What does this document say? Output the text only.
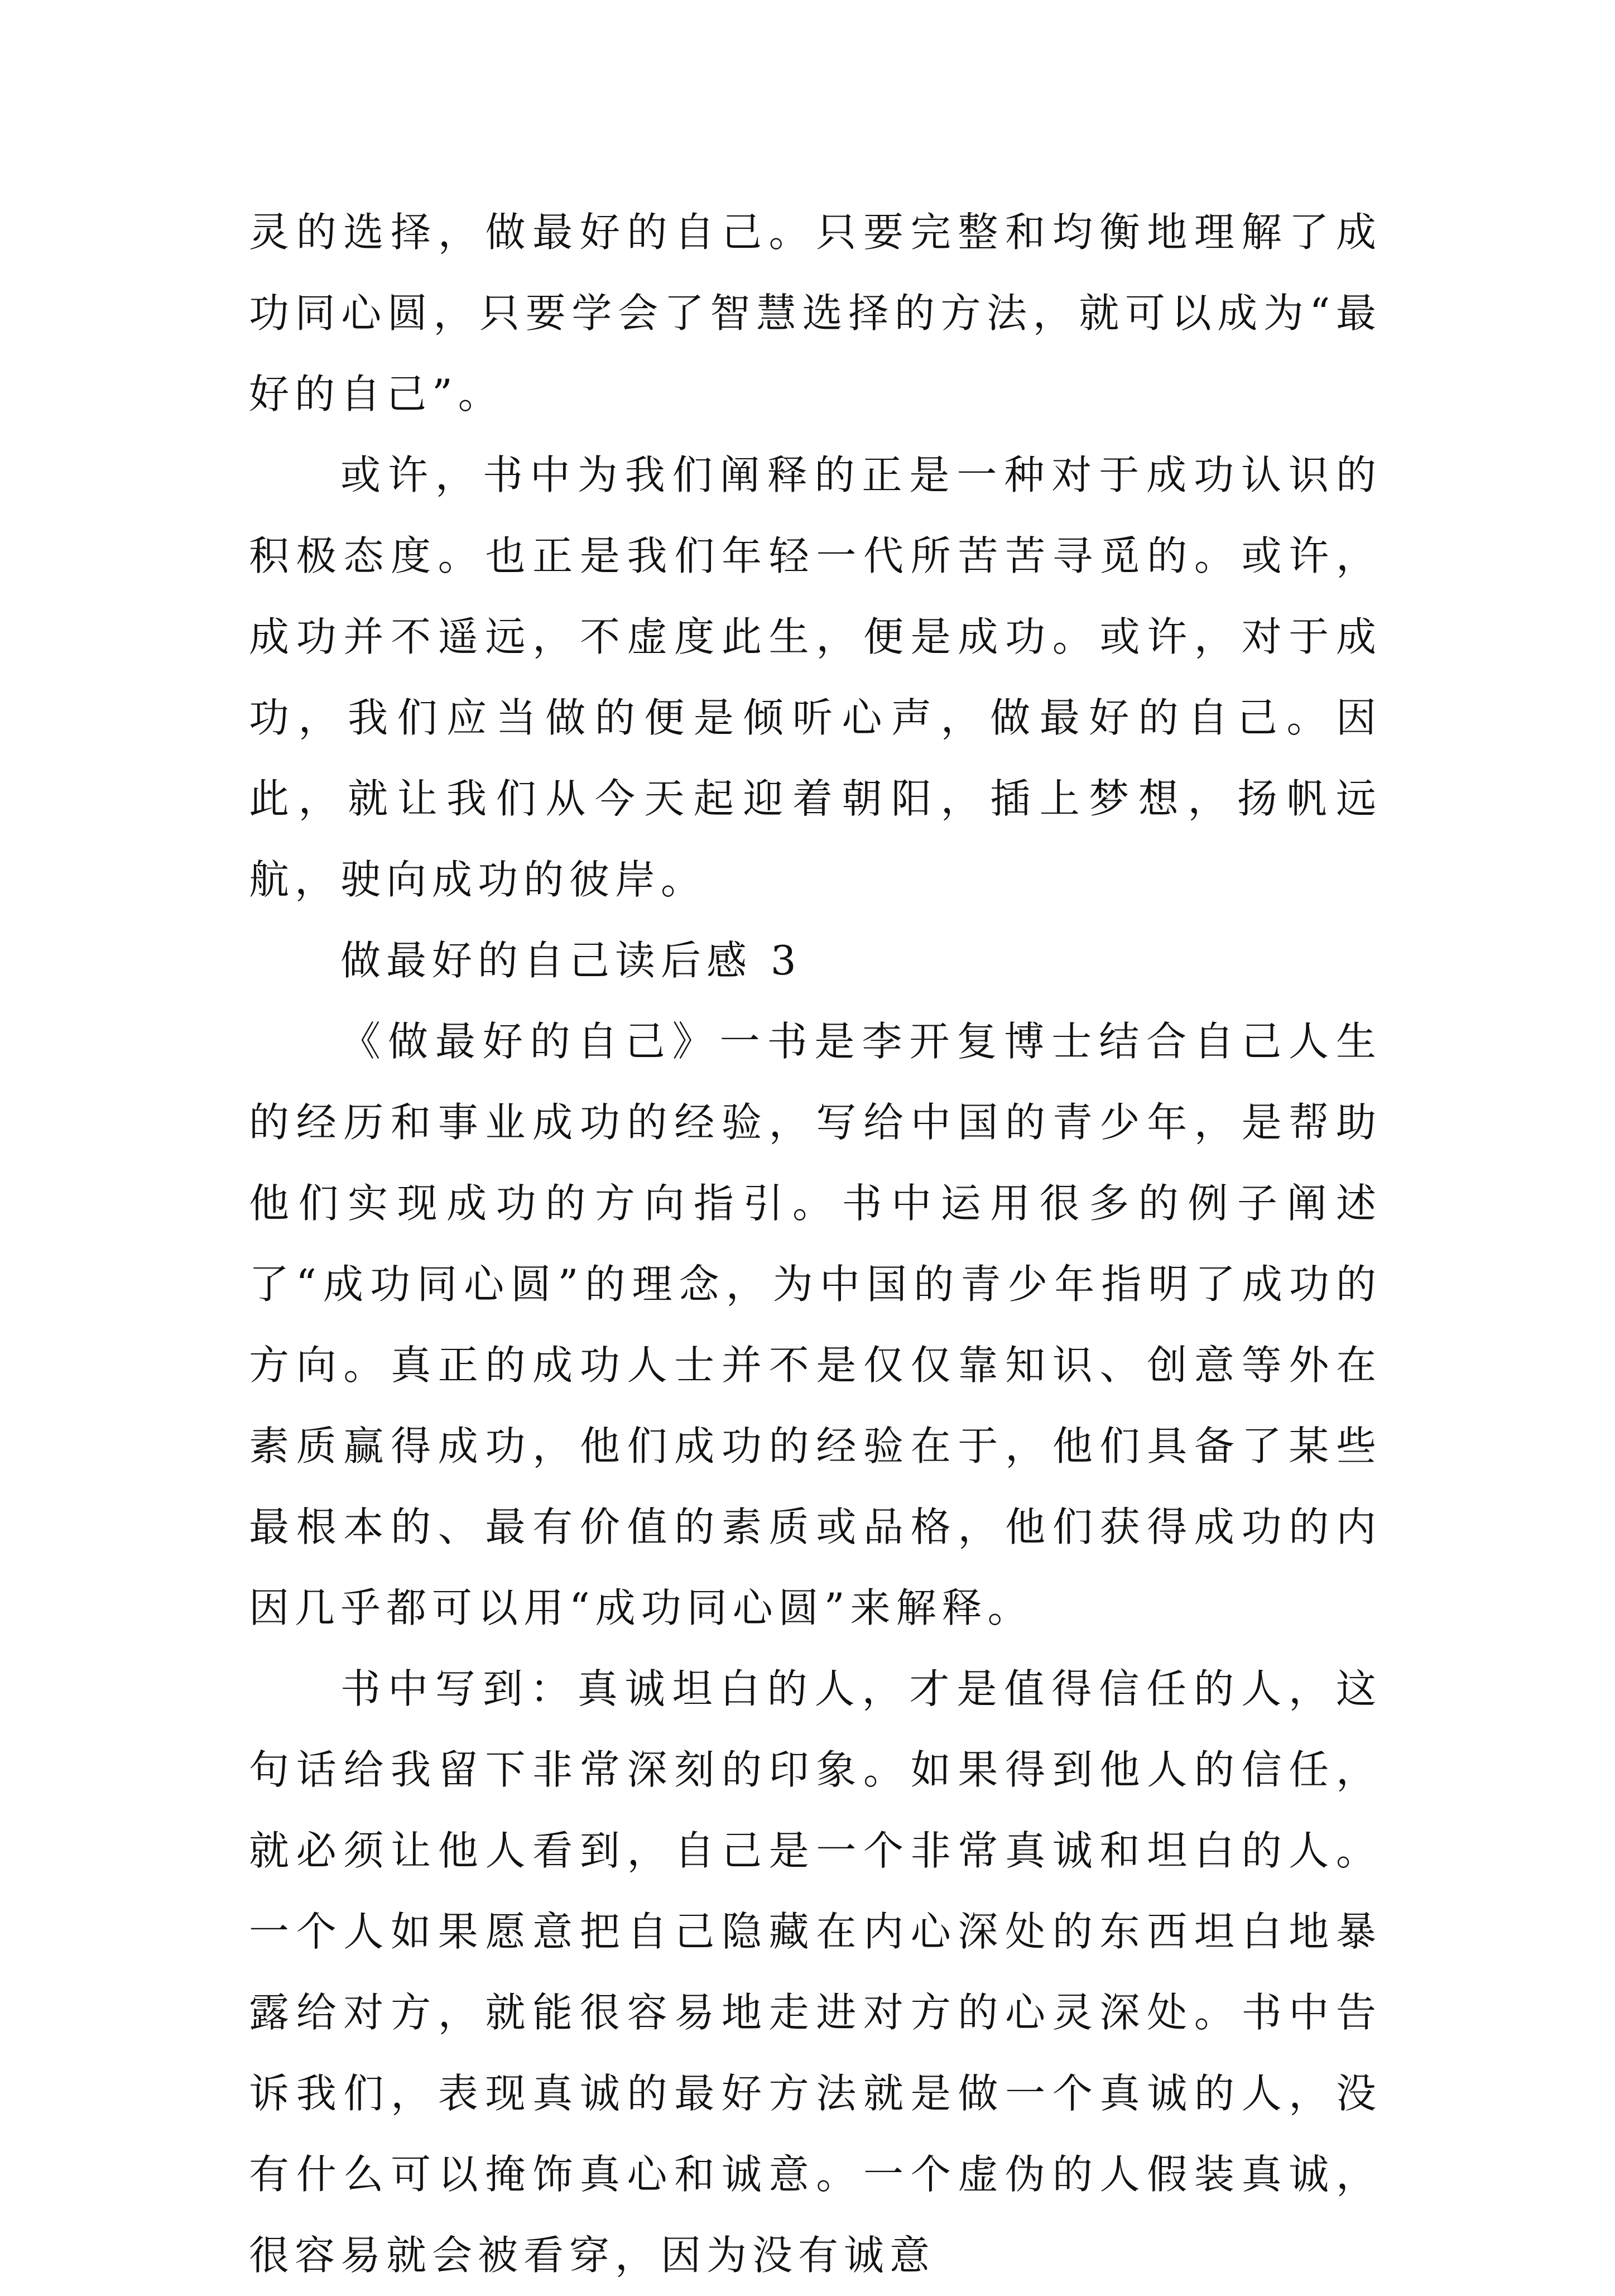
灵的选择，做最好的自己。只要完整和均衡地理解了成功同心圆，只要学会了智慧选择的方法，就可以成为“最好的自己”。

或许，书中为我们阐释的正是一种对于成功认识的积极态度。也正是我们年轻一代所苦苦寻觅的。或许，成功并不遥远，不虚度此生，便是成功。或许，对于成功，我们应当做的便是倾听心声，做最好的自己。因此，就让我们从今天起迎着朝阳，插上梦想，扬帆远航，驶向成功的彼岸。

做最好的自己读后感 3

《做最好的自己》一书是李开复博士结合自己人生的经历和事业成功的经验，写给中国的青少年，是帮助他们实现成功的方向指引。书中运用很多的例子阐述了“成功同心圆”的理念，为中国的青少年指明了成功的方向。真正的成功人士并不是仅仅靠知识、创意等外在素质赢得成功，他们成功的经验在于，他们具备了某些最根本的、最有价值的素质或品格，他们获得成功的内因几乎都可以用“成功同心圆”来解释。

书中写到：真诚坦白的人，才是值得信任的人，这句话给我留下非常深刻的印象。如果得到他人的信任，就必须让他人看到，自己是一个非常真诚和坦白的人。一个人如果愿意把自己隐藏在内心深处的东西坦白地暴露给对方，就能很容易地走进对方的心灵深处。书中告诉我们，表现真诚的最好方法就是做一个真诚的人，没有什么可以掩饰真心和诚意。一个虚伪的人假装真诚，很容易就会被看穿，因为没有诚意
